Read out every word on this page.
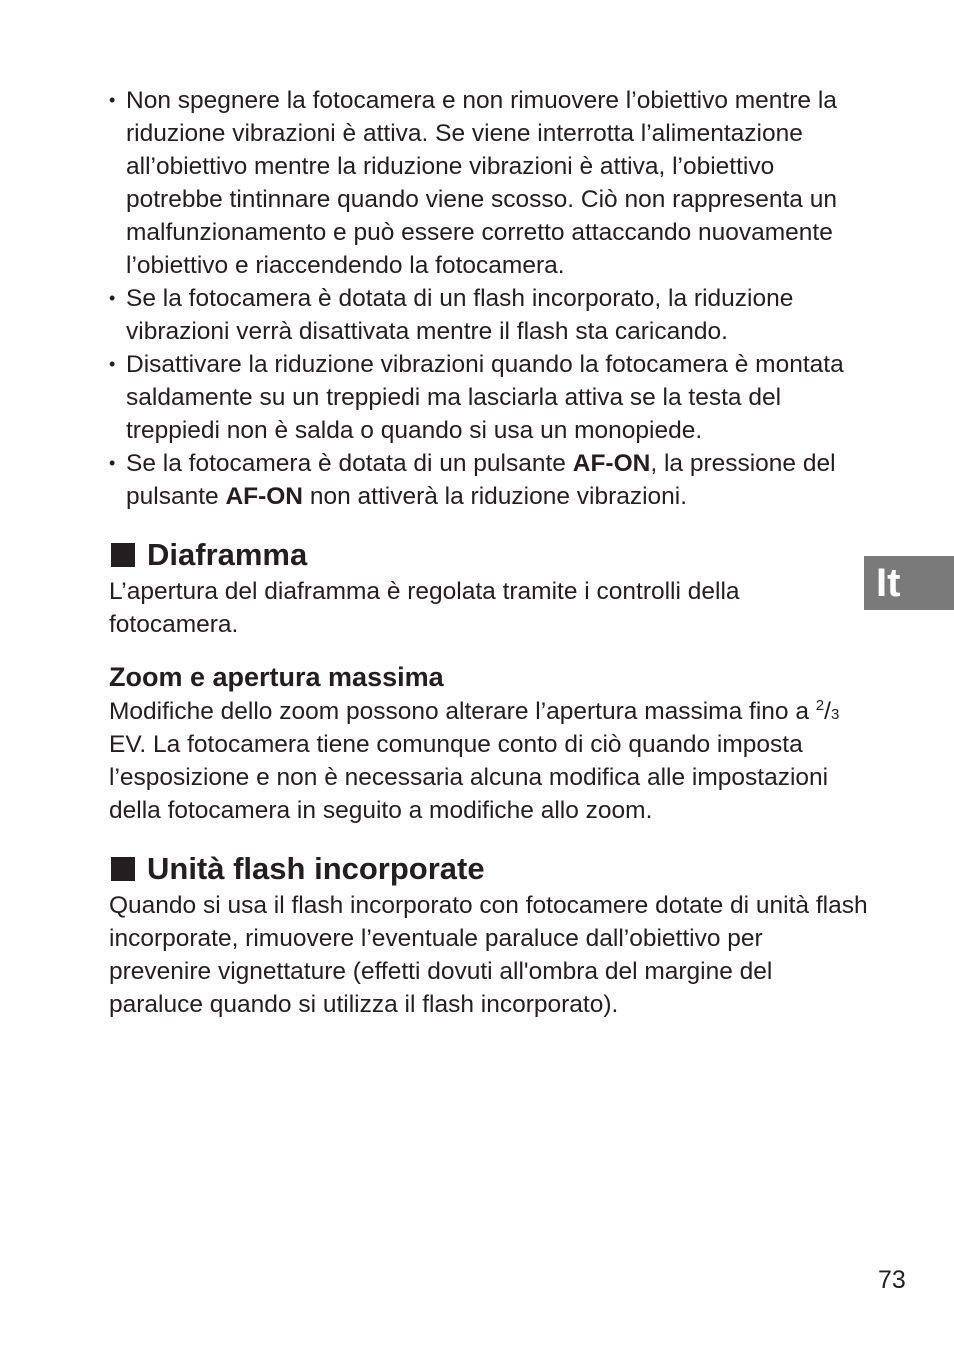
• Non spegnere la fotocamera e non rimuovere l’obiettivo mentre la riduzione vibrazioni è attiva. Se viene interrotta l’alimentazione all’obiettivo mentre la riduzione vibrazioni è attiva, l’obiettivo potrebbe tintinnare quando viene scosso. Ciò non rappresenta un malfunzionamento e può essere corretto attaccando nuovamente l’obiettivo e riaccendendo la fotocamera.
• Se la fotocamera è dotata di un flash incorporato, la riduzione vibrazioni verrà disattivata mentre il flash sta caricando.
• Disattivare la riduzione vibrazioni quando la fotocamera è montata saldamente su un treppiedi ma lasciarla attiva se la testa del treppiedi non è salda o quando si usa un monopiede.
• Se la fotocamera è dotata di un pulsante AF-ON, la pressione del pulsante AF-ON non attiverà la riduzione vibrazioni.
Diaframma

L’apertura del diaframma è regolata tramite i controlli della fotocamera.

Zoom e apertura massima

Modifiche dello zoom possono alterare l’apertura massima fino a $^2$/3 EV. La fotocamera tiene comunque conto di ciò quando imposta l’esposizione e non è necessaria alcuna modifica alle impostazioni della fotocamera in seguito a modifiche allo zoom.

Unità flash incorporate

Quando si usa il flash incorporato con fotocamere dotate di unità flash incorporate, rimuovere l’eventuale paraluce dall’obiettivo per prevenire vignettature (effetti dovuti all'ombra del margine del paraluce quando si utilizza il flash incorporato).

It
73
